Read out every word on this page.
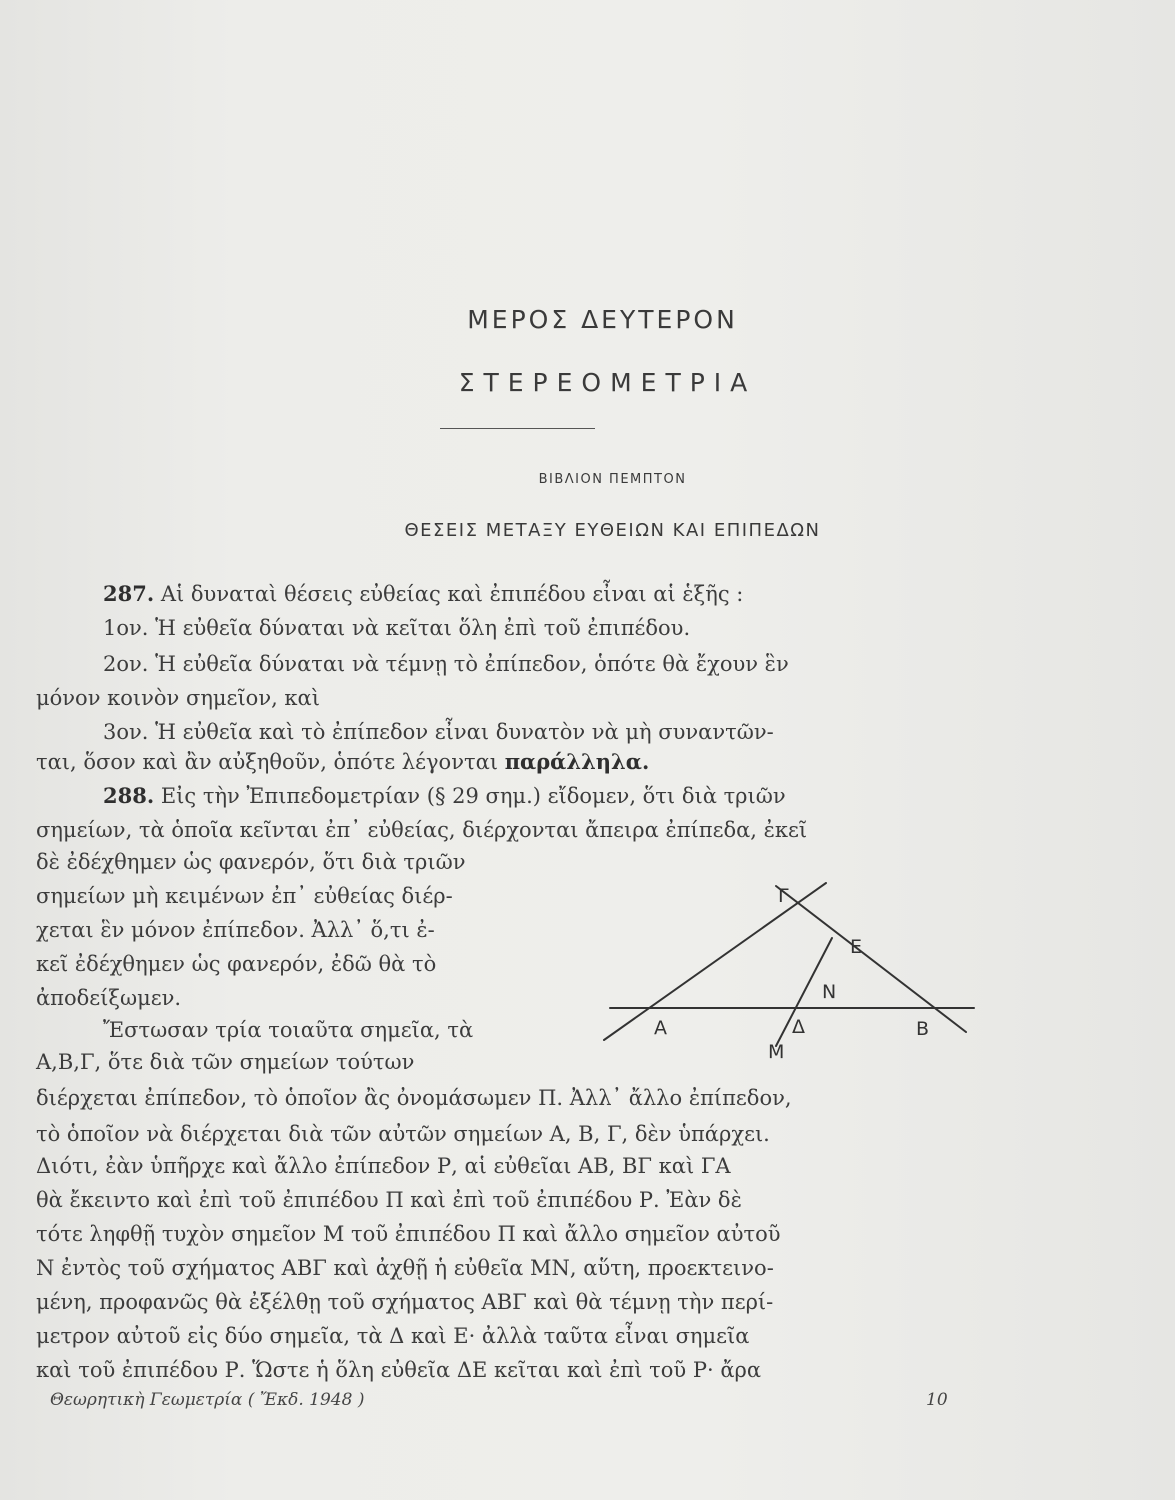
ΜΕΡΟΣ ΔΕΥΤΕΡΟΝ
ΣΤΕΡΕΟΜΕΤΡΙΑ
ΒΙΒΛΙΟΝ ΠΕΜΠΤΟΝ
ΘΕΣΕΙΣ ΜΕΤΑΞΥ ΕΥΘΕΙΩΝ ΚΑΙ ΕΠΙΠΕΔΩΝ
287. Αἱ δυναταὶ θέσεις εὐθείας καὶ ἐπιπέδου εἶναι αἱ ἑξῆς :
1ον. Ἡ εὐθεῖα δύναται νὰ κεῖται ὅλη ἐπὶ τοῦ ἐπιπέδου.
2ον. Ἡ εὐθεῖα δύναται νὰ τέμνῃ τὸ ἐπίπεδον, ὁπότε θὰ ἔχουν ἓν
μόνον κοινὸν σημεῖον, καὶ
3ον. Ἡ εὐθεῖα καὶ τὸ ἐπίπεδον εἶναι δυνατὸν νὰ μὴ συναντῶν-
ται, ὅσον καὶ ἂν αὐξηθοῦν, ὁπότε λέγονται παράλληλα.
288. Εἰς τὴν Ἐπιπεδομετρίαν (§ 29 σημ.) εἴδομεν, ὅτι διὰ τριῶν
σημείων, τὰ ὁποῖα κεῖνται ἐπ᾽ εὐθείας, διέρχονται ἄπειρα ἐπίπεδα, ἐκεῖ
δὲ ἐδέχθημεν ὡς φανερόν, ὅτι διὰ τριῶν
σημείων μὴ κειμένων ἐπ᾽ εὐθείας διέρ-
χεται ἓν μόνον ἐπίπεδον. Ἀλλ᾽ ὅ,τι ἐ-
κεῖ ἐδέχθημεν ὡς φανερόν, ἐδῶ θὰ τὸ
ἀποδείξωμεν.
Ἔστωσαν τρία τοιαῦτα σημεῖα, τὰ
Α,Β,Γ, ὅτε διὰ τῶν σημείων τούτων
διέρχεται ἐπίπεδον, τὸ ὁποῖον ἂς ὀνομάσωμεν Π. Ἀλλ᾽ ἄλλο ἐπίπεδον,
τὸ ὁποῖον νὰ διέρχεται διὰ τῶν αὐτῶν σημείων Α, Β, Γ, δὲν ὑπάρχει.
Διότι, ἐὰν ὑπῆρχε καὶ ἄλλο ἐπίπεδον Ρ, αἱ εὐθεῖαι ΑΒ, ΒΓ καὶ ΓΑ
θὰ ἔκειντο καὶ ἐπὶ τοῦ ἐπιπέδου Π καὶ ἐπὶ τοῦ ἐπιπέδου Ρ. Ἐὰν δὲ
τότε ληφθῇ τυχὸν σημεῖον Μ τοῦ ἐπιπέδου Π καὶ ἄλλο σημεῖον αὐτοῦ
Ν ἐντὸς τοῦ σχήματος ΑΒΓ καὶ ἀχθῇ ἡ εὐθεῖα ΜΝ, αὕτη, προεκτεινο-
μένη, προφανῶς θὰ ἐξέλθῃ τοῦ σχήματος ΑΒΓ καὶ θὰ τέμνῃ τὴν περί-
μετρον αὐτοῦ εἰς δύο σημεῖα, τὰ Δ καὶ Ε· ἀλλὰ ταῦτα εἶναι σημεῖα
καὶ τοῦ ἐπιπέδου Ρ. Ὥστε ἡ ὅλη εὐθεῖα ΔΕ κεῖται καὶ ἐπὶ τοῦ Ρ· ἄρα
Γ
Ε
Ν
Α	Δ	Β
Μ
Θεωρητικὴ Γεωμετρία ( Ἔκδ. 1948 )	10
